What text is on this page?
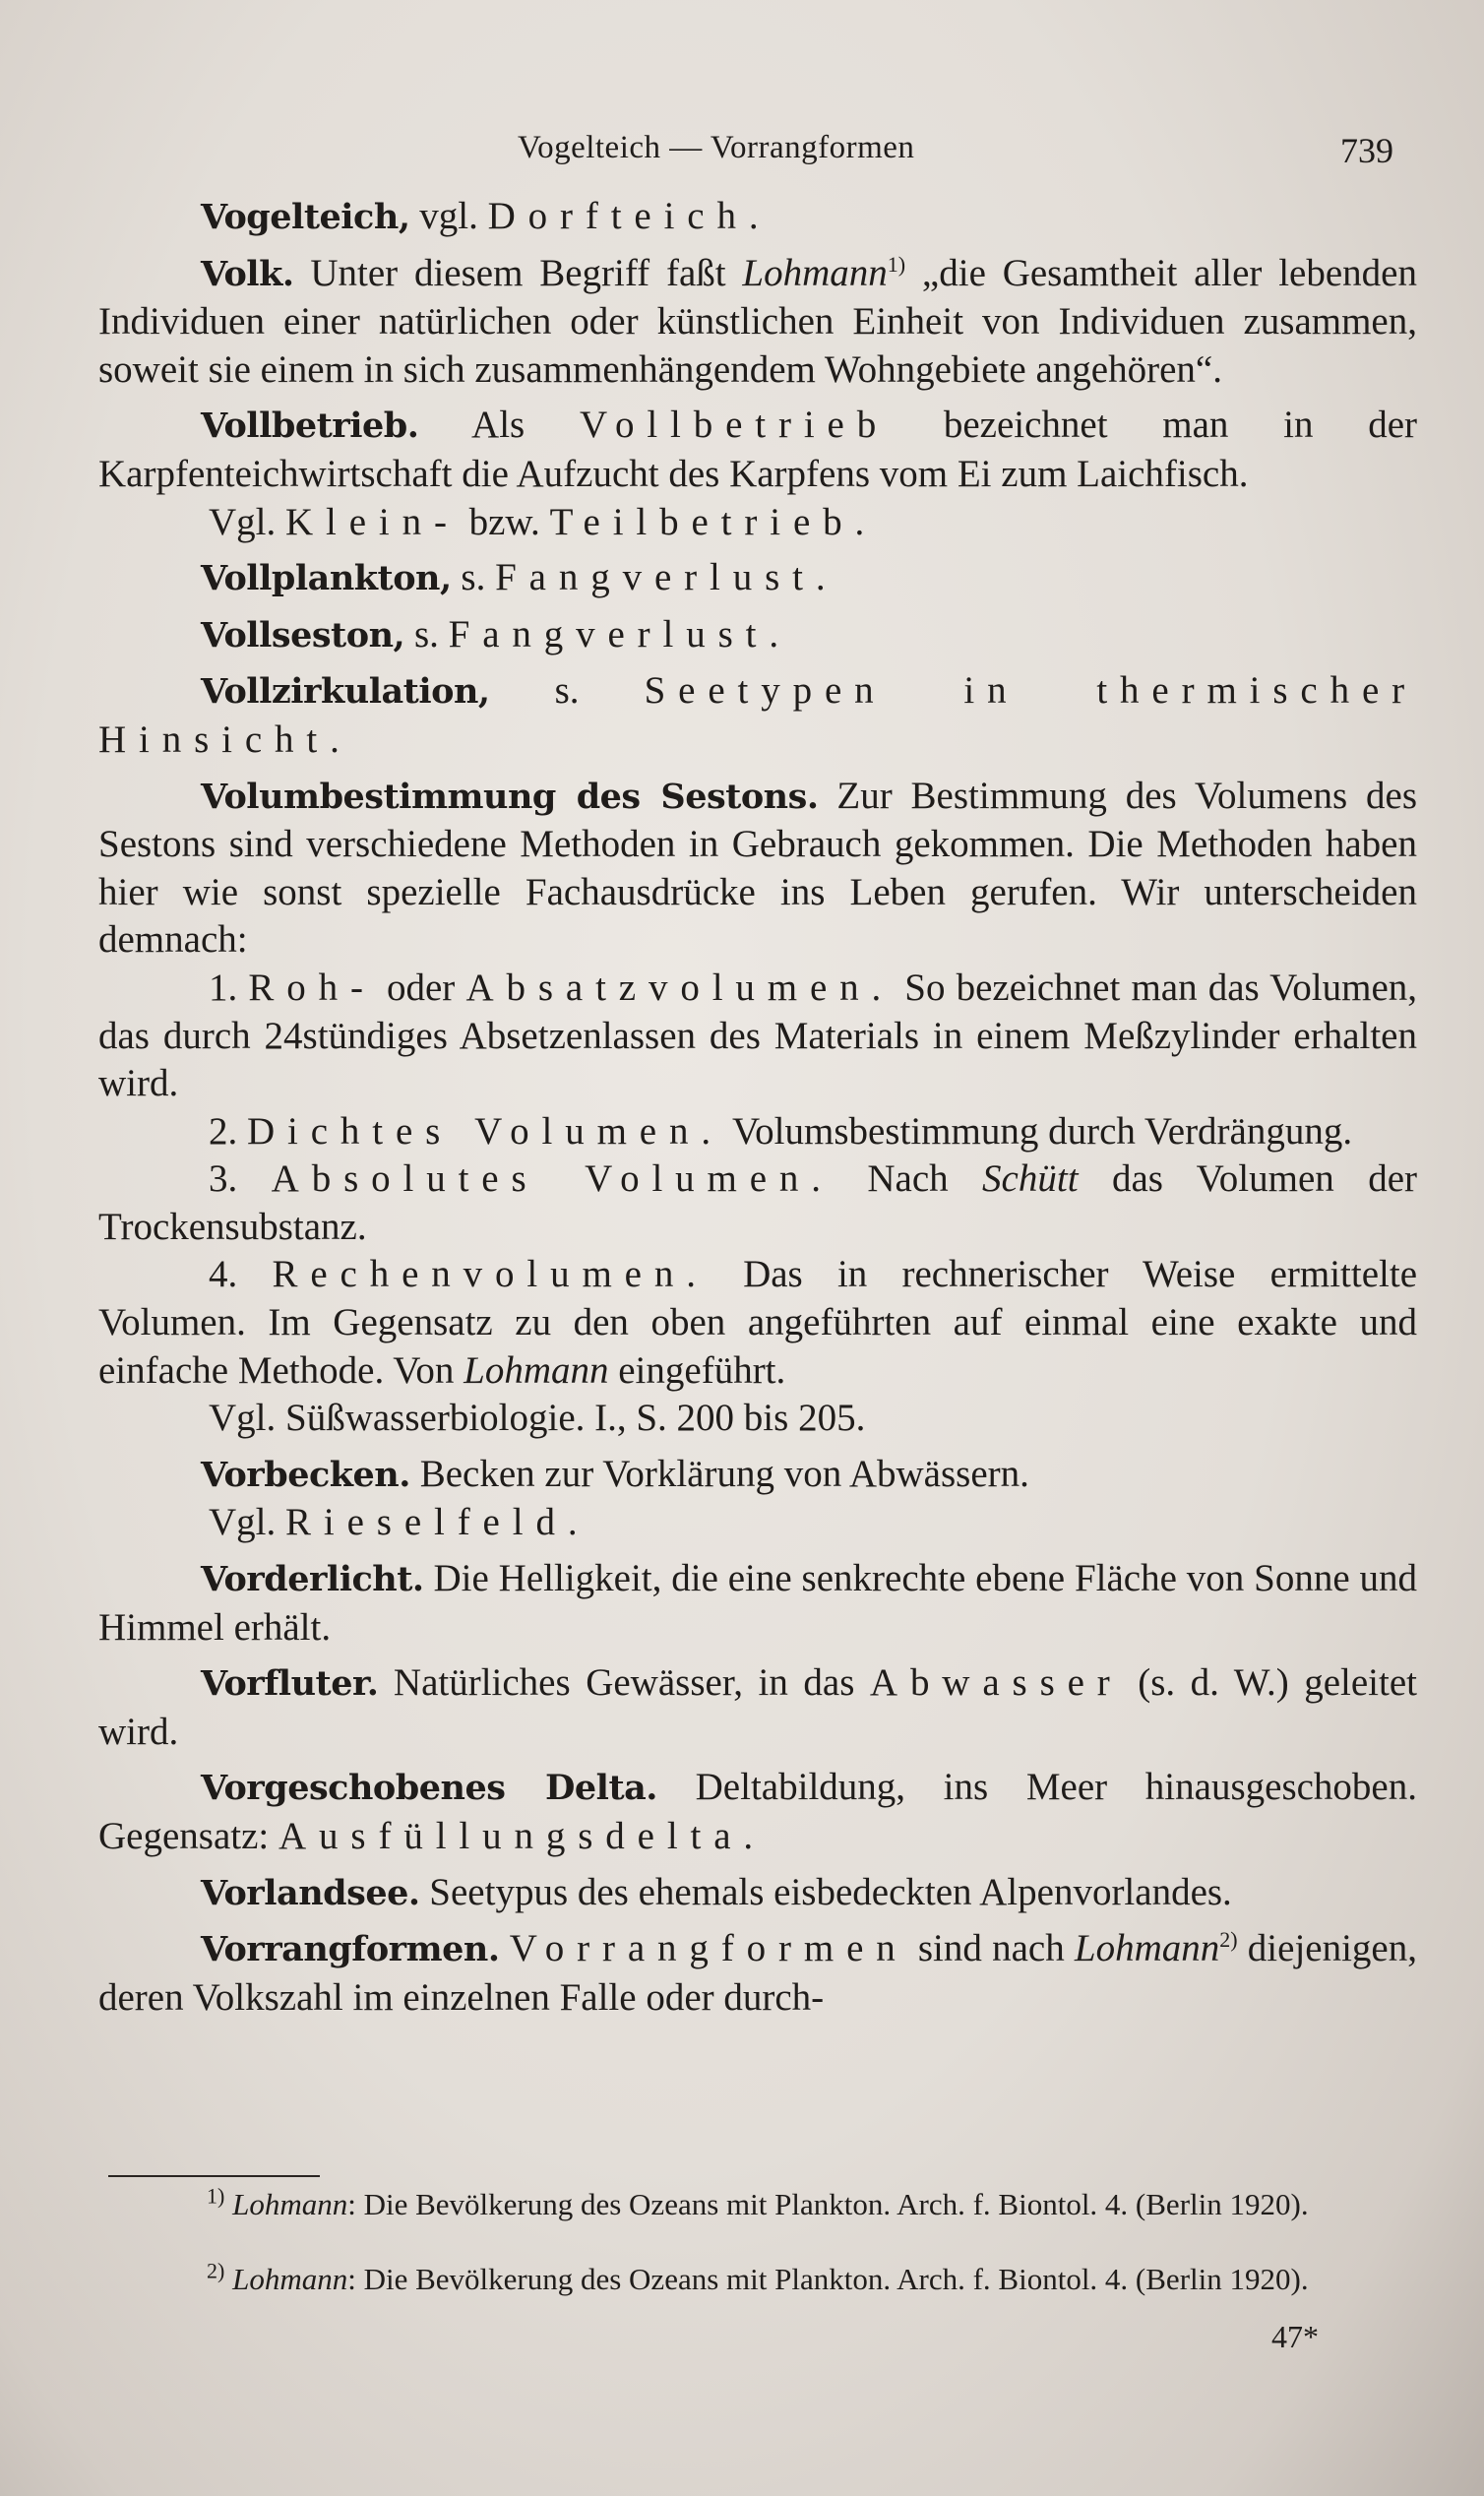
Vogelteich — Vorrangformen	739

Vogelteich, vgl. Dorfteich.

Volk. Unter diesem Begriff faßt Lohmann$^{1)}$ „die Gesamtheit aller lebenden Individuen einer natürlichen oder künstlichen Einheit von Individuen zusammen, soweit sie einem in sich zusammenhängendem Wohngebiete angehören“.

Vollbetrieb. Als Vollbetrieb bezeichnet man in der Karpfenteichwirtschaft die Aufzucht des Karpfens vom Ei zum Laichfisch.

Vgl. Klein- bzw. Teilbetrieb.

Vollplankton, s. Fangverlust.

Vollseston, s. Fangverlust.

Vollzirkulation, s. Seetypen in thermischer Hinsicht.

Volumbestimmung des Sestons. Zur Bestimmung des Volumens des Sestons sind verschiedene Methoden in Gebrauch gekommen. Die Methoden haben hier wie sonst spezielle Fachausdrücke ins Leben gerufen. Wir unterscheiden demnach:

1. Roh- oder Absatzvolumen. So bezeichnet man das Volumen, das durch 24stündiges Absetzenlassen des Materials in einem Meßzylinder erhalten wird.

2. Dichtes Volumen. Volumsbestimmung durch Verdrängung.

3. Absolutes Volumen. Nach Schütt das Volumen der Trockensubstanz.

4. Rechenvolumen. Das in rechnerischer Weise ermittelte Volumen. Im Gegensatz zu den oben angeführten auf einmal eine exakte und einfache Methode. Von Lohmann eingeführt.

Vgl. Süßwasserbiologie. I., S. 200 bis 205.

Vorbecken. Becken zur Vorklärung von Abwässern.

Vgl. Rieselfeld.

Vorderlicht. Die Helligkeit, die eine senkrechte ebene Fläche von Sonne und Himmel erhält.

Vorfluter. Natürliches Gewässer, in das Abwasser (s. d. W.) geleitet wird.

Vorgeschobenes Delta. Deltabildung, ins Meer hinausgeschoben. Gegensatz: Ausfüllungsdelta.

Vorlandsee. Seetypus des ehemals eisbedeckten Alpenvorlandes.

Vorrangformen. Vorrangformen sind nach Lohmann$^{2)}$ diejenigen, deren Volkszahl im einzelnen Falle oder durch-

$^{1)}$ Lohmann: Die Bevölkerung des Ozeans mit Plankton. Arch. f. Biontol. 4. (Berlin 1920).

$^{2)}$ Lohmann: Die Bevölkerung des Ozeans mit Plankton. Arch. f. Biontol. 4. (Berlin 1920).

47*
